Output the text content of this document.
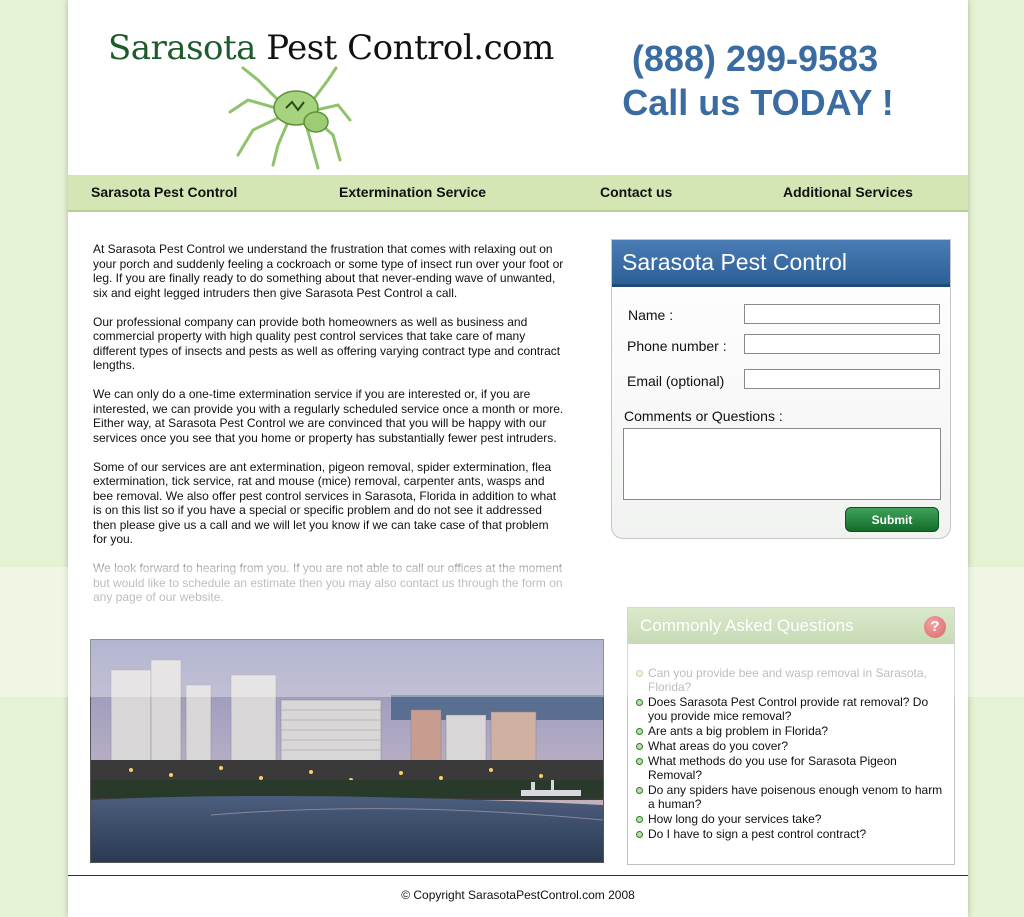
Sarasota Pest Control.com	(888) 299-9583
Call us TODAY !
Sarasota Pest Control	Extermination Service	Contact us	Additional Services

At Sarasota Pest Control we understand the frustration that comes with relaxing out on your porch and suddenly feeling a cockroach or some type of insect run over your foot or leg. If you are finally ready to do something about that never-ending wave of unwanted, six and eight legged intruders then give Sarasota Pest Control a call.

Our professional company can provide both homeowners as well as business and commercial property with high quality pest control services that take care of many different types of insects and pests as well as offering varying contract type and contract lengths.

We can only do a one-time extermination service if you are interested or, if you are interested, we can provide you with a regularly scheduled service once a month or more. Either way, at Sarasota Pest Control we are convinced that you will be happy with our services once you see that you home or property has substantially fewer pest intruders.

Some of our services are ant extermination, pigeon removal, spider extermination, flea extermination, tick service, rat and mouse (mice) removal, carpenter ants, wasps and bee removal. We also offer pest control services in Sarasota, Florida in addition to what is on this list so if you have a special or specific problem and do not see it addressed then please give us a call and we will let you know if we can take case of that problem for you.

We look forward to hearing from you. If you are not able to call our offices at the moment but would like to schedule an estimate then you may also contact us through the form on any page of our website.

Sarasota Pest Control
Name :
Phone number :
Email (optional)
Comments or Questions :
Submit
Commonly Asked Questions	?
Can you provide bee and wasp removal in Sarasota, Florida?
Does Sarasota Pest Control provide rat removal? Do you provide mice removal?
Are ants a big problem in Florida?
What areas do you cover?
What methods do you use for Sarasota Pigeon Removal?
Do any spiders have poisenous enough venom to harm a human?
How long do your services take?
Do I have to sign a pest control contract?
© Copyright SarasotaPestControl.com 2008
